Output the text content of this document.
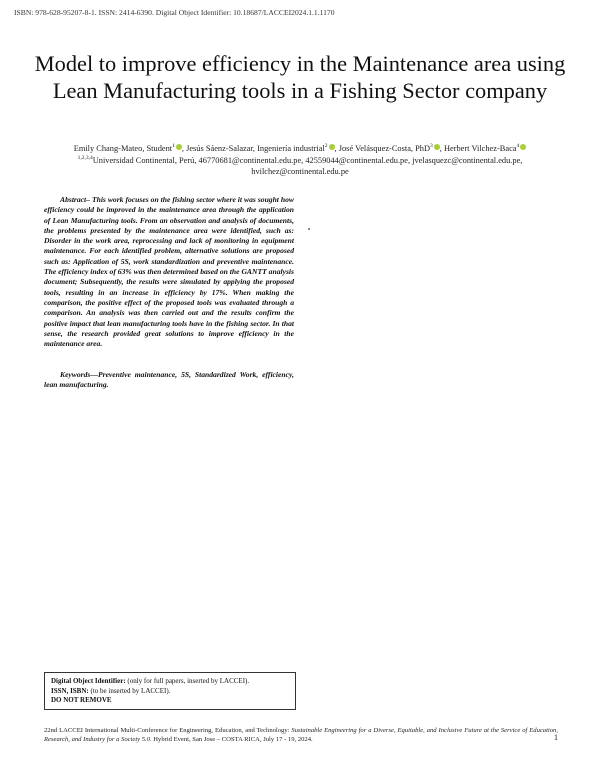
ISBN: 978-628-95207-8-1. ISSN: 2414-6390. Digital Object Identifier: 10.18687/LACCEI2024.1.1.1170
Model to improve efficiency in the Maintenance area using Lean Manufacturing tools in a Fishing Sector company
Emily Chang-Mateo, Student$^1$ , Jesús Sáenz-Salazar, Ingeniería industrial$^2$ , José Velásquez-Costa, PhD$^3$ , Herbert Vilchez-Baca$^4$
$^{1,2,3,4}$Universidad Continental, Perú, 46770681@continental.edu.pe, 42559044@continental.edu.pe, jvelasquezc@continental.edu.pe, hvilchez@continental.edu.pe

Abstract– This work focuses on the fishing sector where it was sought how efficiency could be improved in the maintenance area through the application of Lean Manufacturing tools. From an observation and analysis of documents, the problems presented by the maintenance area were identified, such as: Disorder in the work area, reprocessing and lack of monitoring in equipment maintenance. For each identified problem, alternative solutions are proposed such as: Application of 5S, work standardization and preventive maintenance. The efficiency index of 63% was then determined based on the GANTT analysis document; Subsequently, the results were simulated by applying the proposed tools, resulting in an increase in efficiency by 17%. When making the comparison, the positive effect of the proposed tools was evaluated through a comparison. An analysis was then carried out and the results confirm the positive impact that lean manufacturing tools have in the fishing sector. In that sense, the research provided great solutions to improve efficiency in the maintenance area.

Keywords—Preventive maintenance, 5S, Standardized Work, efficiency, lean manufacturing.

Digital Object Identifier: (only for full papers, inserted by LACCEI).
ISSN, ISBN: (to be inserted by LACCEI).
DO NOT REMOVE
22nd LACCEI International Multi-Conference for Engineering, Education, and Technology: Sustainable Engineering for a Diverse, Equitable, and Inclusive Future at the Service of Education, Research, and Industry for a Society 5.0. Hybrid Event, San Jose – COSTA RICA, July 17 - 19, 2024.	1
